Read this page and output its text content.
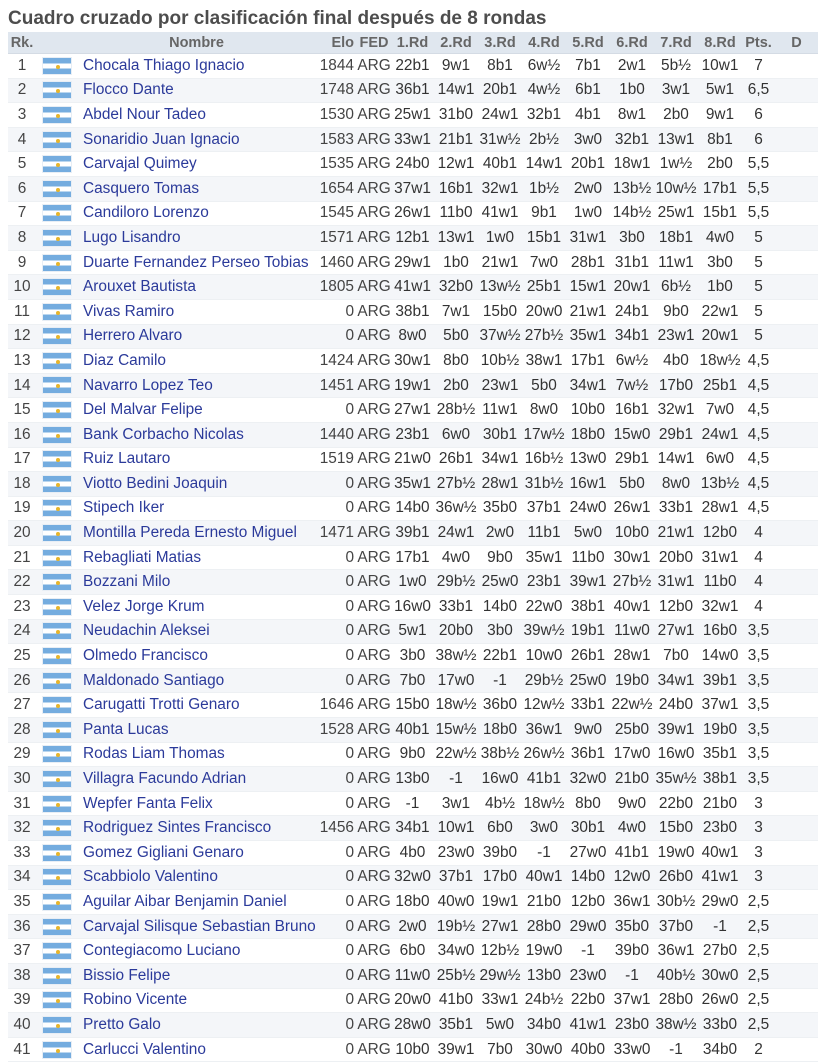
Cuadro cruzado por clasificación final después de 8 rondas
Rk.		Nombre	Elo	FED	1.Rd	2.Rd	3.Rd	4.Rd	5.Rd	6.Rd	7.Rd	8.Rd	Pts.	D
1		Chocala Thiago Ignacio	1844	ARG	22b1	9w1	8b1	6w½	7b1	2w1	5b½	10w1	7	
2		Flocco Dante	1748	ARG	36b1	14w1	20b1	4w½	6b1	1b0	3w1	5w1	6,5	
3		Abdel Nour Tadeo	1530	ARG	25w1	31b0	24w1	32b1	4b1	8w1	2b0	9w1	6	
4		Sonaridio Juan Ignacio	1583	ARG	33w1	21b1	31w½	2b½	3w0	32b1	13w1	8b1	6	
5		Carvajal Quimey	1535	ARG	24b0	12w1	40b1	14w1	20b1	18w1	1w½	2b0	5,5	
6		Casquero Tomas	1654	ARG	37w1	16b1	32w1	1b½	2w0	13b½	10w½	17b1	5,5	
7		Candiloro Lorenzo	1545	ARG	26w1	11b0	41w1	9b1	1w0	14b½	25w1	15b1	5,5	
8		Lugo Lisandro	1571	ARG	12b1	13w1	1w0	15b1	31w1	3b0	18b1	4w0	5	
9		Duarte Fernandez Perseo Tobias	1460	ARG	29w1	1b0	21w1	7w0	28b1	31b1	11w1	3b0	5	
10		Arouxet Bautista	1805	ARG	41w1	32b0	13w½	25b1	15w1	20w1	6b½	1b0	5	
11		Vivas Ramiro	0	ARG	38b1	7w1	15b0	20w0	21w1	24b1	9b0	22w1	5	
12		Herrero Alvaro	0	ARG	8w0	5b0	37w½	27b½	35w1	34b1	23w1	20w1	5	
13		Diaz Camilo	1424	ARG	30w1	8b0	10b½	38w1	17b1	6w½	4b0	18w½	4,5	
14		Navarro Lopez Teo	1451	ARG	19w1	2b0	23w1	5b0	34w1	7w½	17b0	25b1	4,5	
15		Del Malvar Felipe	0	ARG	27w1	28b½	11w1	8w0	10b0	16b1	32w1	7w0	4,5	
16		Bank Corbacho Nicolas	1440	ARG	23b1	6w0	30b1	17w½	18b0	15w0	29b1	24w1	4,5	
17		Ruiz Lautaro	1519	ARG	21w0	26b1	34w1	16b½	13w0	29b1	14w1	6w0	4,5	
18		Viotto Bedini Joaquin	0	ARG	35w1	27b½	28w1	31b½	16w1	5b0	8w0	13b½	4,5	
19		Stipech Iker	0	ARG	14b0	36w½	35b0	37b1	24w0	26w1	33b1	28w1	4,5	
20		Montilla Pereda Ernesto Miguel	1471	ARG	39b1	24w1	2w0	11b1	5w0	10b0	21w1	12b0	4	
21		Rebagliati Matias	0	ARG	17b1	4w0	9b0	35w1	11b0	30w1	20b0	31w1	4	
22		Bozzani Milo	0	ARG	1w0	29b½	25w0	23b1	39w1	27b½	31w1	11b0	4	
23		Velez Jorge Krum	0	ARG	16w0	33b1	14b0	22w0	38b1	40w1	12b0	32w1	4	
24		Neudachin Aleksei	0	ARG	5w1	20b0	3b0	39w½	19b1	11w0	27w1	16b0	3,5	
25		Olmedo Francisco	0	ARG	3b0	38w½	22b1	10w0	26b1	28w1	7b0	14w0	3,5	
26		Maldonado Santiago	0	ARG	7b0	17w0	-1	29b½	25w0	19b0	34w1	39b1	3,5	
27		Carugatti Trotti Genaro	1646	ARG	15b0	18w½	36b0	12w½	33b1	22w½	24b0	37w1	3,5	
28		Panta Lucas	1528	ARG	40b1	15w½	18b0	36w1	9w0	25b0	39w1	19b0	3,5	
29		Rodas Liam Thomas	0	ARG	9b0	22w½	38b½	26w½	36b1	17w0	16w0	35b1	3,5	
30		Villagra Facundo Adrian	0	ARG	13b0	-1	16w0	41b1	32w0	21b0	35w½	38b1	3,5	
31		Wepfer Fanta Felix	0	ARG	-1	3w1	4b½	18w½	8b0	9w0	22b0	21b0	3	
32		Rodriguez Sintes Francisco	1456	ARG	34b1	10w1	6b0	3w0	30b1	4w0	15b0	23b0	3	
33		Gomez Gigliani Genaro	0	ARG	4b0	23w0	39b0	-1	27w0	41b1	19w0	40w1	3	
34		Scabbiolo Valentino	0	ARG	32w0	37b1	17b0	40w1	14b0	12w0	26b0	41w1	3	
35		Aguilar Aibar Benjamin Daniel	0	ARG	18b0	40w0	19w1	21b0	12b0	36w1	30b½	29w0	2,5	
36		Carvajal Silisque Sebastian Bruno	0	ARG	2w0	19b½	27w1	28b0	29w0	35b0	37b0	-1	2,5	
37		Contegiacomo Luciano	0	ARG	6b0	34w0	12b½	19w0	-1	39b0	36w1	27b0	2,5	
38		Bissio Felipe	0	ARG	11w0	25b½	29w½	13b0	23w0	-1	40b½	30w0	2,5	
39		Robino Vicente	0	ARG	20w0	41b0	33w1	24b½	22b0	37w1	28b0	26w0	2,5	
40		Pretto Galo	0	ARG	28w0	35b1	5w0	34b0	41w1	23b0	38w½	33b0	2,5	
41		Carlucci Valentino	0	ARG	10b0	39w1	7b0	30w0	40b0	33w0	-1	34b0	2	
